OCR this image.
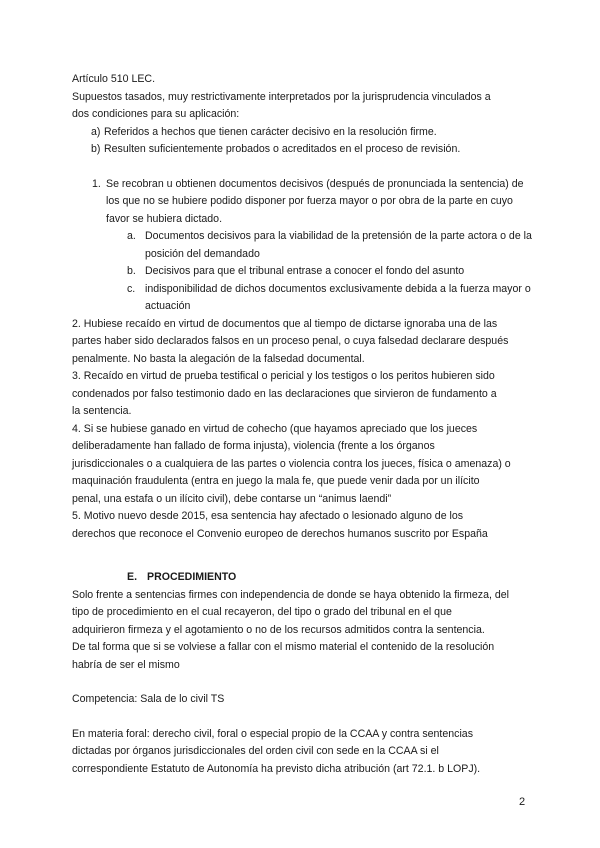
Artículo 510 LEC.
Supuestos tasados, muy restrictivamente interpretados por la jurisprudencia vinculados a
dos condiciones para su aplicación:
a) Referidos a hechos que tienen carácter decisivo en la resolución firme.
b) Resulten suficientemente probados o acreditados en el proceso de revisión.
1. Se recobran u obtienen documentos decisivos (después de pronunciada la sentencia) de los que no se hubiere podido disponer por fuerza mayor o por obra de la parte en cuyo favor se hubiera dictado.
a. Documentos decisivos para la viabilidad de la pretensión de la parte actora o de la posición del demandado
b. Decisivos para que el tribunal entrase a conocer el fondo del asunto
c. indisponibilidad de dichos documentos exclusivamente debida a la fuerza mayor o actuación
2. Hubiese recaído en virtud de documentos que al tiempo de dictarse ignoraba una de las
partes haber sido declarados falsos en un proceso penal, o cuya falsedad declarare después
penalmente. No basta la alegación de la falsedad documental.
3. Recaído en virtud de prueba testifical o pericial y los testigos o los peritos hubieren sido
condenados por falso testimonio dado en las declaraciones que sirvieron de fundamento a
la sentencia.
4. Si se hubiese ganado en virtud de cohecho (que hayamos apreciado que los jueces
deliberadamente han fallado de forma injusta), violencia (frente a los órganos
jurisdiccionales o a cualquiera de las partes o violencia contra los jueces, física o amenaza) o
maquinación fraudulenta (entra en juego la mala fe, que puede venir dada por un ilícito
penal, una estafa o un ilícito civil), debe contarse un “animus laendi”
5. Motivo nuevo desde 2015, esa sentencia hay afectado o lesionado alguno de los
derechos que reconoce el Convenio europeo de derechos humanos suscrito por España
E. PROCEDIMIENTO
Solo frente a sentencias firmes con independencia de donde se haya obtenido la firmeza, del
tipo de procedimiento en el cual recayeron, del tipo o grado del tribunal en el que
adquirieron firmeza y el agotamiento o no de los recursos admitidos contra la sentencia.
De tal forma que si se volviese a fallar con el mismo material el contenido de la resolución
habría de ser el mismo
Competencia: Sala de lo civil TS
En materia foral: derecho civil, foral o especial propio de la CCAA y contra sentencias
dictadas por órganos jurisdiccionales del orden civil con sede en la CCAA si el
correspondiente Estatuto de Autonomía ha previsto dicha atribución (art 72.1. b LOPJ).
2
